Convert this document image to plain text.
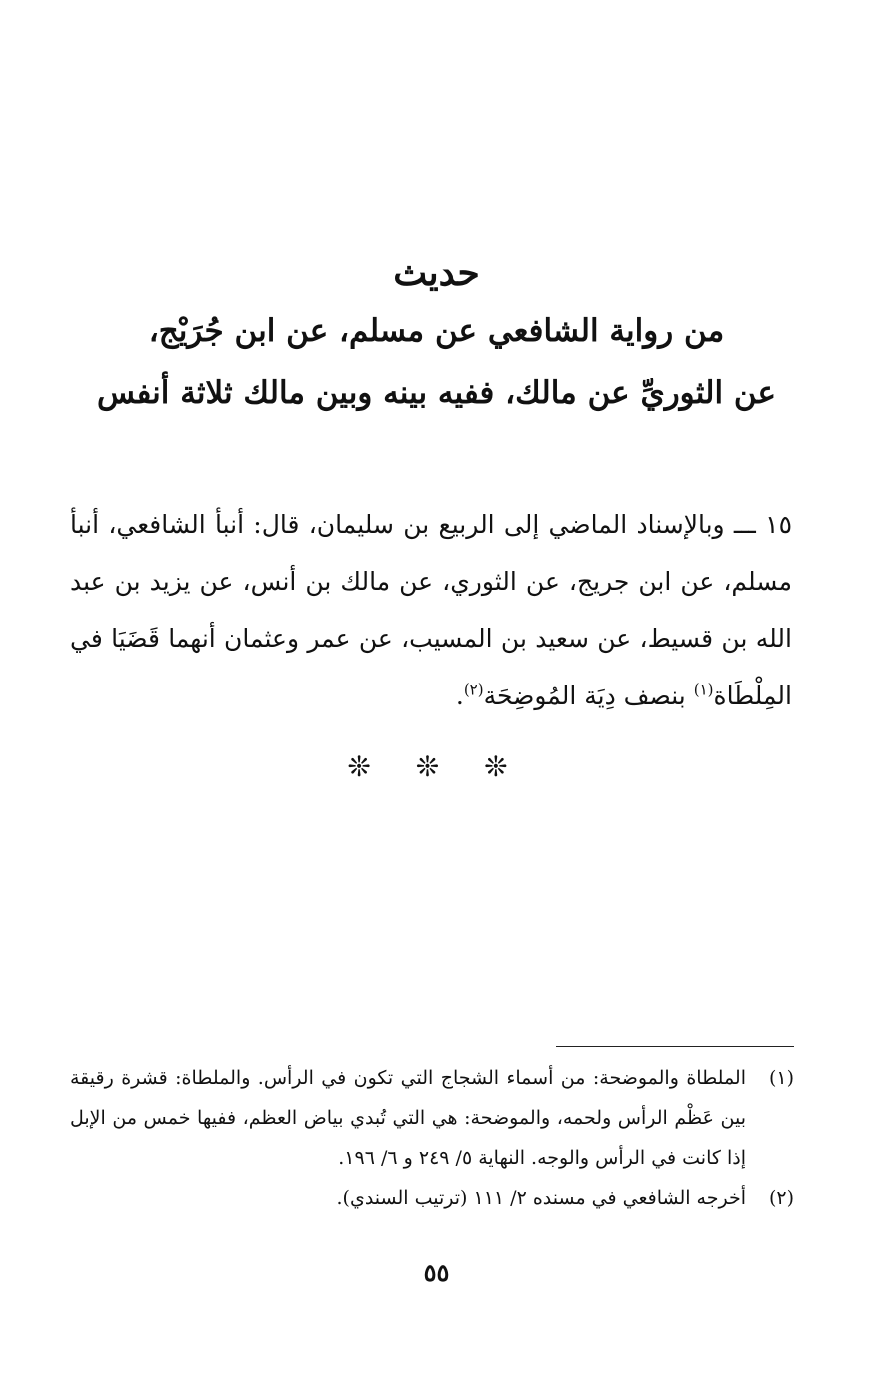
حديث
من رواية الشافعي عن مسلم، عن ابن جُرَيْج،
عن الثوريِّ عن مالك، ففيه بينه وبين مالك ثلاثة أنفس
١٥ ـــ وبالإسناد الماضي إلى الربيع بن سليمان، قال: أنبأ الشافعي، أنبأ مسلم، عن ابن جريج، عن الثوري، عن مالك بن أنس، عن يزيد بن عبد الله بن قسيط، عن سعيد بن المسيب، عن عمر وعثمان أنهما قَضَيَا في المِلْطَاة$^{(١)}$ بنصف دِيَة المُوضِحَة$^{(٢)}$.
❊ ❊ ❊
(١)
الملطاة والموضحة: من أسماء الشجاج التي تكون في الرأس. والملطاة: قشرة رقيقة بين عَظْم الرأس ولحمه، والموضحة: هي التي تُبدي بياض العظم، ففيها خمس من الإبل إذا كانت في الرأس والوجه. النهاية ٥/ ٢٤٩ و ٦/ ١٩٦.
(٢)
أخرجه الشافعي في مسنده ٢/ ١١١ (ترتيب السندي).
٥٥
